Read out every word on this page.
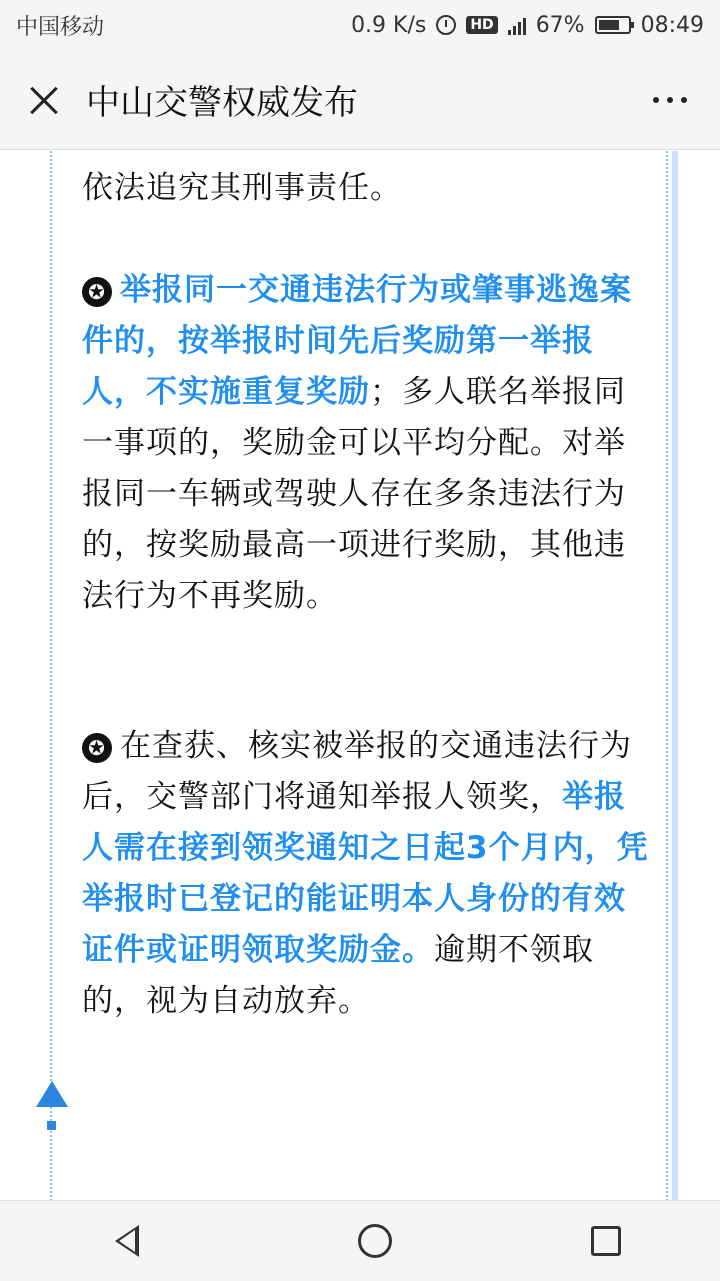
中国移动	0.9 K/s	HD 67%	08:49
中山交警权威发布
依法追究其刑事责任。
✪ 举报同一交通违法行为或肇事逃逸案件的，按举报时间先后奖励第一举报人，不实施重复奖励；多人联名举报同一事项的，奖励金可以平均分配。对举报同一车辆或驾驶人存在多条违法行为的，按奖励最高一项进行奖励，其他违法行为不再奖励。
✪ 在查获、核实被举报的交通违法行为后，交警部门将通知举报人领奖，举报人需在接到领奖通知之日起3个月内，凭举报时已登记的能证明本人身份的有效证件或证明领取奖励金。逾期不领取的，视为自动放弃。
